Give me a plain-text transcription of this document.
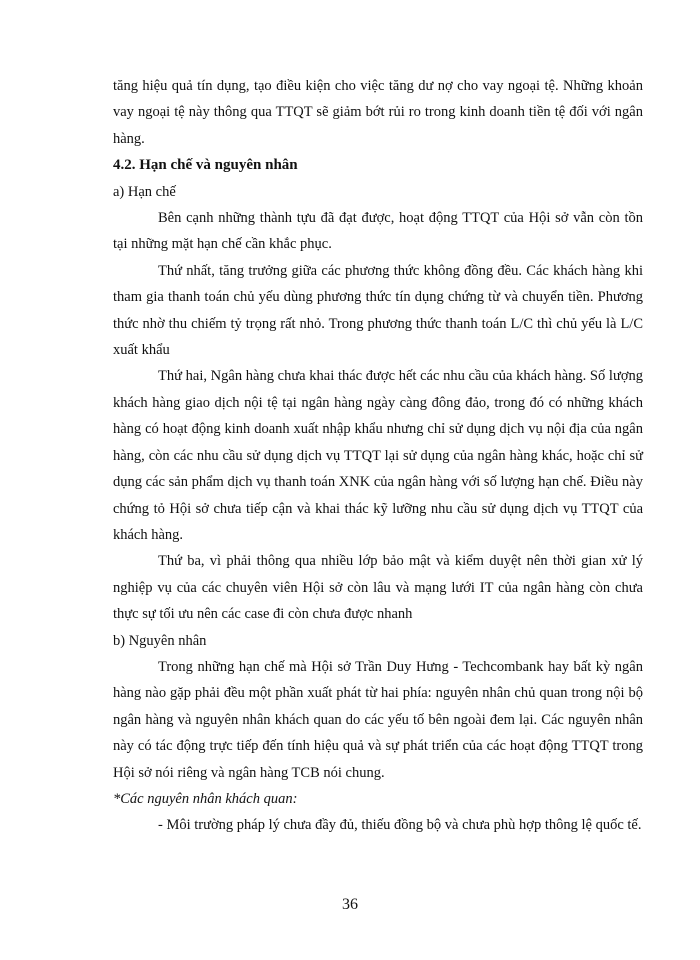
tăng hiệu quả tín dụng, tạo điều kiện cho việc tăng dư nợ cho vay ngoại tệ. Những khoản vay ngoại tệ này thông qua TTQT sẽ giảm bớt rủi ro trong kinh doanh tiền tệ đối với ngân hàng.

4.2. Hạn chế và nguyên nhân

a) Hạn chế

Bên cạnh những thành tựu đã đạt được, hoạt động TTQT của Hội sở vẫn còn tồn tại những mặt hạn chế cần khắc phục.

Thứ nhất, tăng trưởng giữa các phương thức không đồng đều. Các khách hàng khi tham gia thanh toán chủ yếu dùng phương thức tín dụng chứng từ và chuyển tiền. Phương thức nhờ thu chiếm tỷ trọng rất nhỏ. Trong phương thức thanh toán L/C thì chủ yếu là L/C xuất khẩu

Thứ hai, Ngân hàng chưa khai thác được hết các nhu cầu của khách hàng. Số lượng khách hàng giao dịch nội tệ tại ngân hàng ngày càng đông đảo, trong đó có những khách hàng có hoạt động kinh doanh xuất nhập khẩu nhưng chỉ sử dụng dịch vụ nội địa của ngân hàng, còn các nhu cầu sử dụng dịch vụ TTQT lại sử dụng của ngân hàng khác, hoặc chỉ sử dụng các sản phẩm dịch vụ thanh toán XNK của ngân hàng với số lượng hạn chế. Điều này chứng tỏ Hội sở chưa tiếp cận và khai thác kỹ lưỡng nhu cầu sử dụng dịch vụ TTQT của khách hàng.

Thứ ba, vì phải thông qua nhiều lớp bảo mật và kiểm duyệt nên thời gian xử lý nghiệp vụ của các chuyên viên Hội sở còn lâu và mạng lưới IT của ngân hàng còn chưa thực sự tối ưu nên các case đi còn chưa được nhanh

b) Nguyên nhân

Trong những hạn chế mà Hội sở Trần Duy Hưng - Techcombank hay bất kỳ ngân hàng nào gặp phải đều một phần xuất phát từ hai phía: nguyên nhân chủ quan trong nội bộ ngân hàng và nguyên nhân khách quan do các yếu tố bên ngoài đem lại. Các nguyên nhân này có tác động trực tiếp đến tính hiệu quả và sự phát triển của các hoạt động TTQT trong Hội sở nói riêng và ngân hàng TCB nói chung.

*Các nguyên nhân khách quan:

- Môi trường pháp lý chưa đầy đủ, thiếu đồng bộ và chưa phù hợp thông lệ quốc tế.

36
